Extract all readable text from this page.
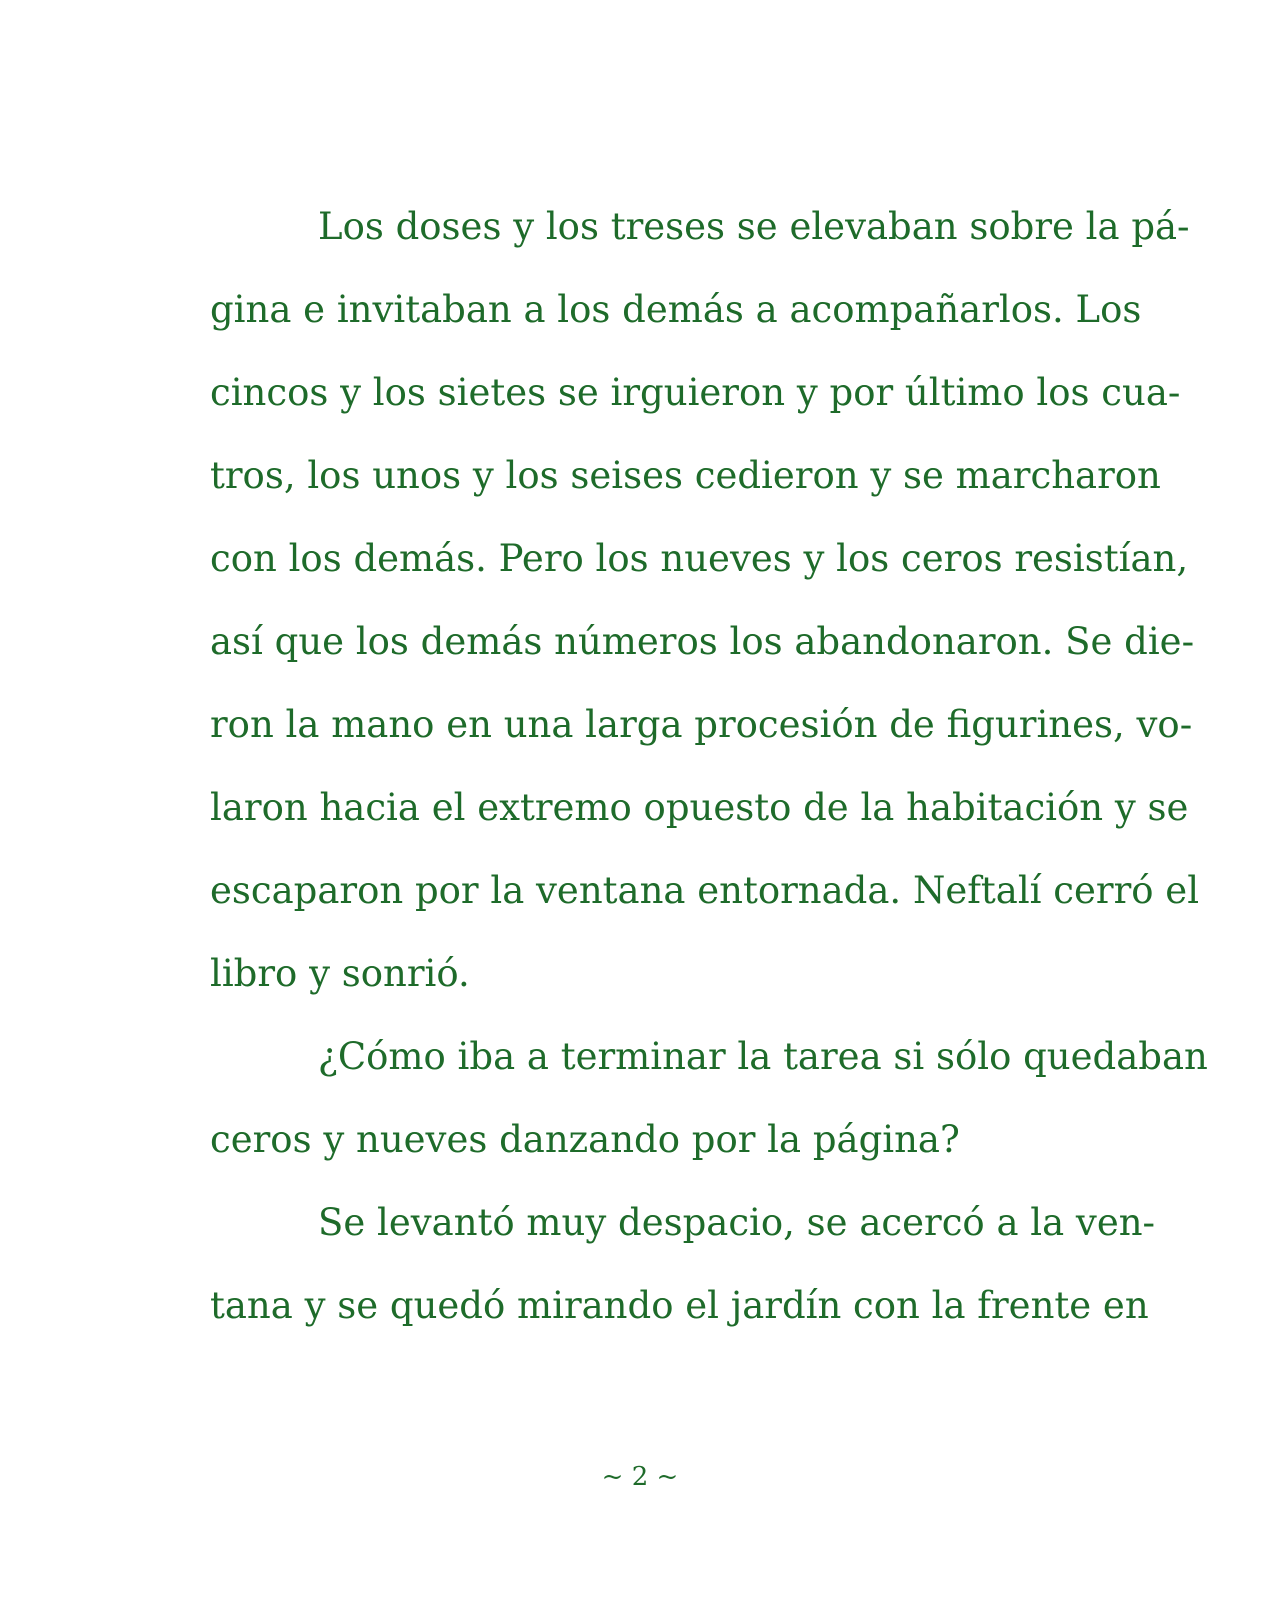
Los doses y los treses se elevaban sobre la pá-
gina e invitaban a los demás a acompañarlos. Los
cincos y los sietes se irguieron y por último los cua-
tros, los unos y los seises cedieron y se marcharon
con los demás. Pero los nueves y los ceros resistían,
así que los demás números los abandonaron. Se die-
ron la mano en una larga procesión de figurines, vo-
laron hacia el extremo opuesto de la habitación y se
escaparon por la ventana entornada. Neftalí cerró el
libro y sonrió.
¿Cómo iba a terminar la tarea si sólo quedaban
ceros y nueves danzando por la página?
Se levantó muy despacio, se acercó a la ven-
tana y se quedó mirando el jardín con la frente en
~ 2 ~
